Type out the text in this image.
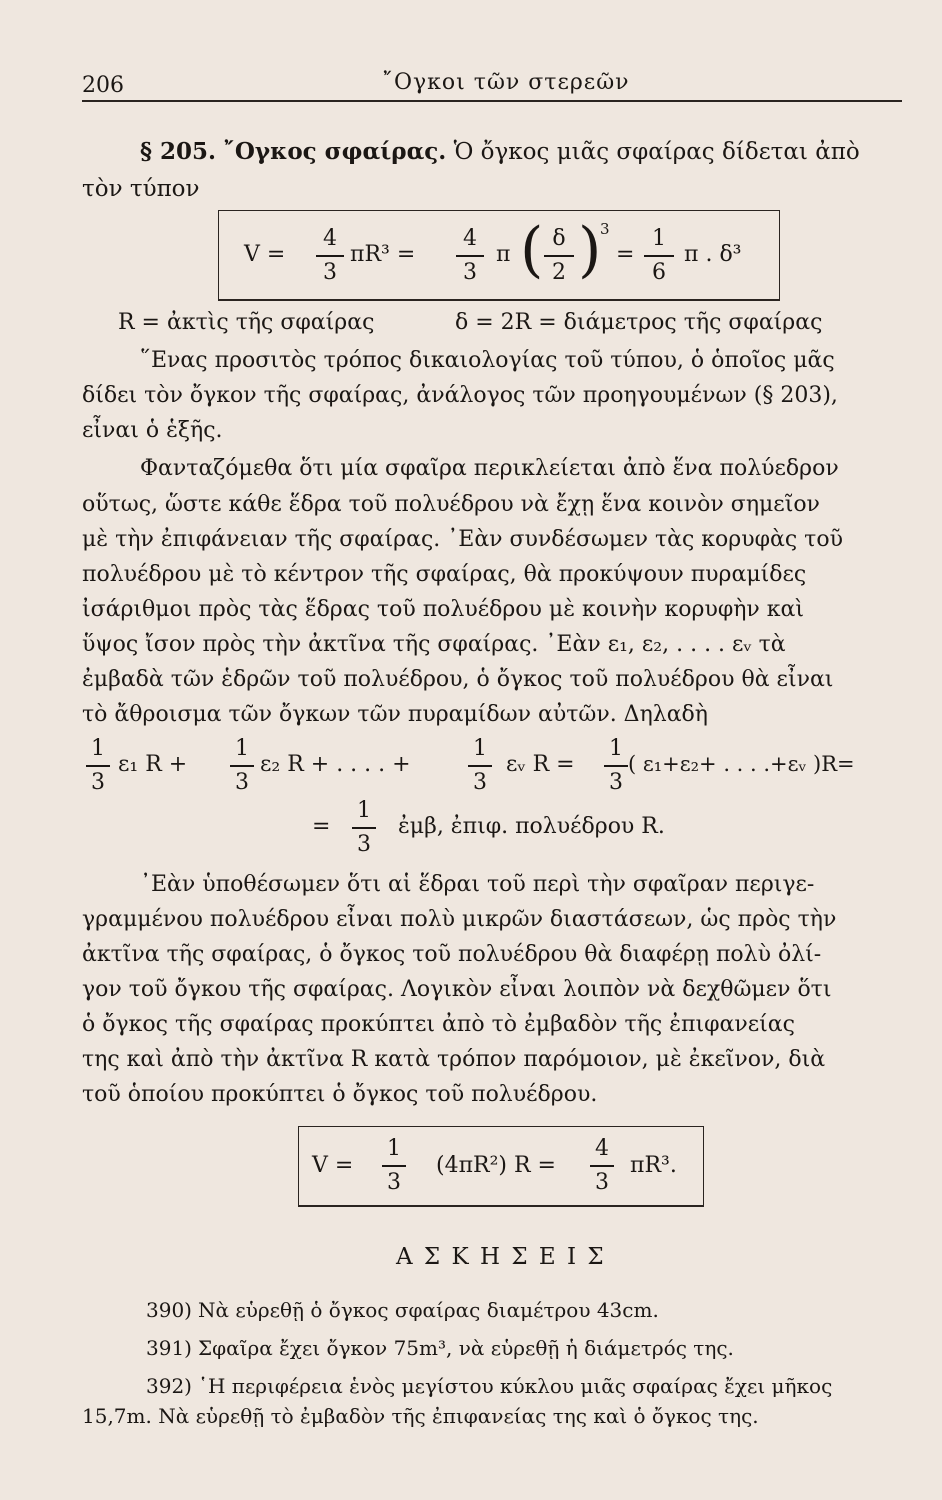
206	῎Ογκοι τῶν στερεῶν
§ 205. ῎Ογκος σφαίρας. Ὁ ὄγκος μιᾶς σφαίρας δίδεται ἀπὸ
τὸν τύπον
V =
4
3
πR³ =
4
3
π ( δ
2 )
3
=
1
6
π . δ³
R = ἀκτὶς τῆς σφαίρας	δ = 2R = διάμετρος τῆς σφαίρας
῞Ενας προσιτὸς τρόπος δικαιολογίας τοῦ τύπου, ὁ ὁποῖος μᾶς
δίδει τὸν ὄγκον τῆς σφαίρας, ἀνάλογος τῶν προηγουμένων (§ 203),
εἶναι ὁ ἑξῆς.
Φανταζόμεθα ὅτι μία σφαῖρα περικλείεται ἀπὸ ἕνα πολύεδρον
οὕτως, ὥστε κάθε ἕδρα τοῦ πολυέδρου νὰ ἔχῃ ἕνα κοινὸν σημεῖον
μὲ τὴν ἐπιφάνειαν τῆς σφαίρας. ᾿Εὰν συνδέσωμεν τὰς κορυφὰς τοῦ
πολυέδρου μὲ τὸ κέντρον τῆς σφαίρας, θὰ προκύψουν πυραμίδες
ἰσάριθμοι πρὸς τὰς ἕδρας τοῦ πολυέδρου μὲ κοινὴν κορυφὴν καὶ
ὕψος ἴσον πρὸς τὴν ἀκτῖνα τῆς σφαίρας. ᾿Εὰν ε₁, ε₂, . . . . εᵥ τὰ
ἐμβαδὰ τῶν ἑδρῶν τοῦ πολυέδρου, ὁ ὄγκος τοῦ πολυέδρου θὰ εἶναι
τὸ ἄθροισμα τῶν ὄγκων τῶν πυραμίδων αὐτῶν. Δηλαδὴ
1
3
ε₁ R +
1
3
ε₂ R + . . . . +
1
3
εᵥ R =
1
3
( ε₁+ε₂+ . . . .+εᵥ )R=
=
1
3
ἐμβ, ἐπιφ. πολυέδρου R.
᾿Εὰν ὑποθέσωμεν ὅτι αἱ ἕδραι τοῦ περὶ τὴν σφαῖραν περιγε-
γραμμένου πολυέδρου εἶναι πολὺ μικρῶν διαστάσεων, ὡς πρὸς τὴν
ἀκτῖνα τῆς σφαίρας, ὁ ὄγκος τοῦ πολυέδρου θὰ διαφέρῃ πολὺ ὀλί-
γον τοῦ ὄγκου τῆς σφαίρας. Λογικὸν εἶναι λοιπὸν νὰ δεχθῶμεν ὅτι
ὁ ὄγκος τῆς σφαίρας προκύπτει ἀπὸ τὸ ἐμβαδὸν τῆς ἐπιφανείας
της καὶ ἀπὸ τὴν ἀκτῖνα R κατὰ τρόπον παρόμοιον, μὲ ἐκεῖνον, διὰ
τοῦ ὁποίου προκύπτει ὁ ὄγκος τοῦ πολυέδρου.
V =
1
3
(4πR²) R =
4
3
πR³.
Α Σ Κ Η Σ Ε Ι Σ
390) Νὰ εὑρεθῇ ὁ ὄγκος σφαίρας διαμέτρου 43cm.
391) Σφαῖρα ἔχει ὄγκον 75m³, νὰ εὑρεθῇ ἡ διάμετρός της.
392) ῾Η περιφέρεια ἑνὸς μεγίστου κύκλου μιᾶς σφαίρας ἔχει μῆκος
15,7m. Νὰ εὑρεθῇ τὸ ἐμβαδὸν τῆς ἐπιφανείας της καὶ ὁ ὄγκος της.
